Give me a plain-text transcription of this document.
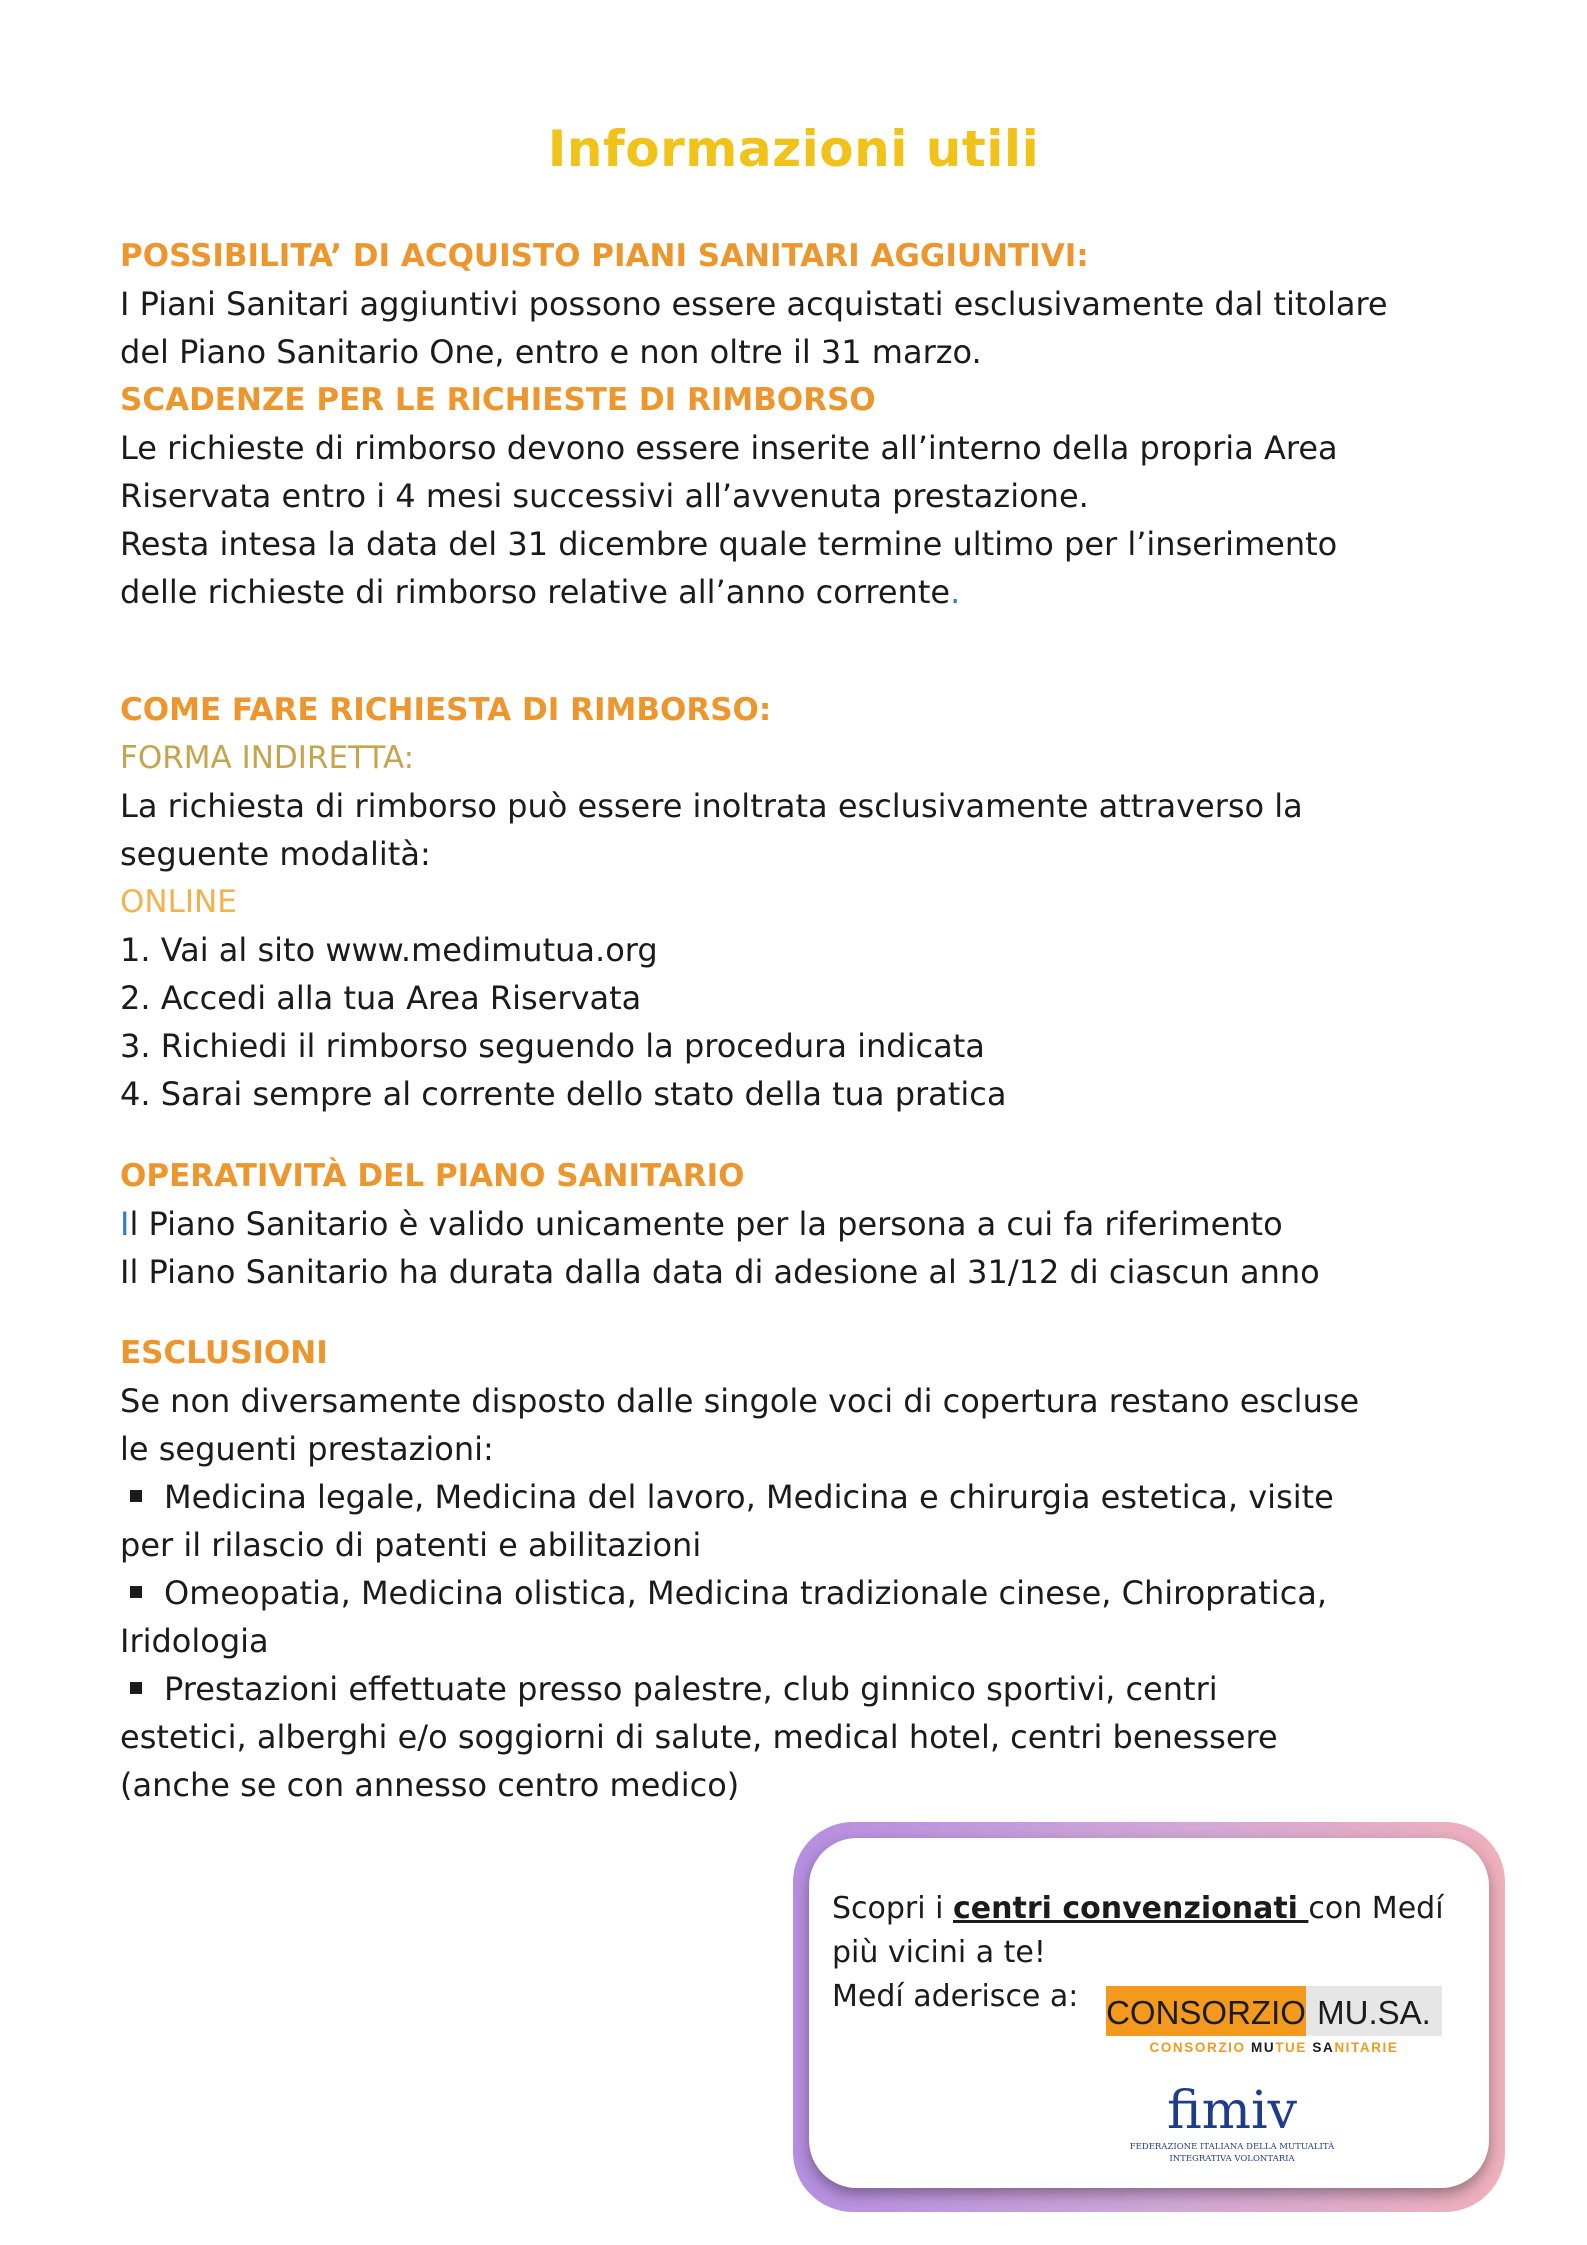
Informazioni utili
POSSIBILITA’ DI ACQUISTO PIANI SANITARI AGGIUNTIVI:
I Piani Sanitari aggiuntivi possono essere acquistati esclusivamente dal titolare
del Piano Sanitario One, entro e non oltre il 31 marzo.
SCADENZE PER LE RICHIESTE DI RIMBORSO
Le richieste di rimborso devono essere inserite all’interno della propria Area
Riservata entro i 4 mesi successivi all’avvenuta prestazione.
Resta intesa la data del 31 dicembre quale termine ultimo per l’inserimento
delle richieste di rimborso relative all’anno corrente.
COME FARE RICHIESTA DI RIMBORSO:
FORMA INDIRETTA:
La richiesta di rimborso può essere inoltrata esclusivamente attraverso la
seguente modalità:
ONLINE
1. Vai al sito www.medimutua.org
2. Accedi alla tua Area Riservata
3. Richiedi il rimborso seguendo la procedura indicata
4. Sarai sempre al corrente dello stato della tua pratica
OPERATIVITÀ DEL PIANO SANITARIO
Il Piano Sanitario è valido unicamente per la persona a cui fa riferimento
Il Piano Sanitario ha durata dalla data di adesione al 31/12 di ciascun anno
ESCLUSIONI
Se non diversamente disposto dalle singole voci di copertura restano escluse
le seguenti prestazioni:
Medicina legale, Medicina del lavoro, Medicina e chirurgia estetica, visite
per il rilascio di patenti e abilitazioni
Omeopatia, Medicina olistica, Medicina tradizionale cinese, Chiropratica,
Iridologia
Prestazioni effettuate presso palestre, club ginnico sportivi, centri
estetici, alberghi e/o soggiorni di salute, medical hotel, centri benessere
(anche se con annesso centro medico)
Scopri i centri convenzionati con Medí
più vicini a te!
Medí aderisce a: CONSORZIO MU.SA.
CONSORZIO MUTUE SANITARIE
fimiv
FEDERAZIONE ITALIANA DELLA MUTUALITÀ
INTEGRATIVA VOLONTARIA
